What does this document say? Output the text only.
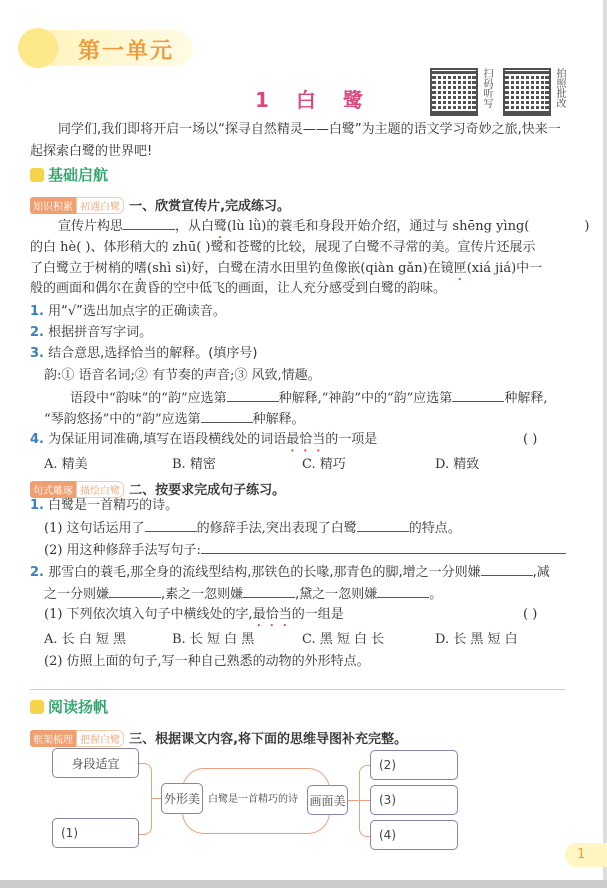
第一单元
1 白 鹭	扫码听写	拍照批改
同学们,我们即将开启一场以“探寻自然精灵——白鹭”为主题的语文学习奇妙之旅,快来一
起探索白鹭的世界吧!
基础启航
知识积累 初遇白鹭 一、欣赏宣传片,完成练习。
宣传片构思	，从白鹭(lù lǜ)的蓑毛和身段开始介绍，通过与 shēng yìng(	)
的白 hè( )、体形稍大的 zhū( )鹭和苍鹭的比较，展现了白鹭不寻常的美。宣传片还展示
了白鹭立于树梢的嗜(shì sì)好，白鹭在清水田里钓鱼像嵌(qiàn gǎn)在镜匣(xiá jiá)中一
般的画面和偶尔在黄昏的空中低飞的画面，让人充分感受到白鹭的韵味。
1. 用“√”选出加点字的正确读音。
2. 根据拼音写字词。
3. 结合意思,选择恰当的解释。(填序号)
韵:① 语音名词;② 有节奏的声音;③ 风致,情趣。
语段中“韵味”的“韵”应选第	种解释,“神韵”中的“韵”应选第	种解释,
“琴韵悠扬”中的“韵”应选第	种解释。
4. 为保证用词准确,填写在语段横线处的词语最恰当的一项是	( )
A. 精美	B. 精密	C. 精巧	D. 精致
句式雕琢 描绘白鹭 二、按要求完成句子练习。
1. 白鹭是一首精巧的诗。
(1) 这句话运用了	的修辞手法,突出表现了白鹭	的特点。
(2) 用这种修辞手法写句子:
2. 那雪白的蓑毛,那全身的流线型结构,那铁色的长喙,那青色的脚,增之一分则嫌	,减
之一分则嫌	,素之一忽则嫌	,黛之一忽则嫌	。
(1) 下列依次填入句子中横线处的字,最恰当的一组是	( )
A. 长 白 短 黑	B. 长 短 白 黑	C. 黑 短 白 长	D. 长 黑 短 白
(2) 仿照上面的句子,写一种自己熟悉的动物的外形特点。
阅读扬帆
框架梳理 把握白鹭 三、根据课文内容,将下面的思维导图补充完整。
身段适宜
(1)
外形美 白鹭是一首精巧的诗 画面美
(2)
(3)
(4)
1
